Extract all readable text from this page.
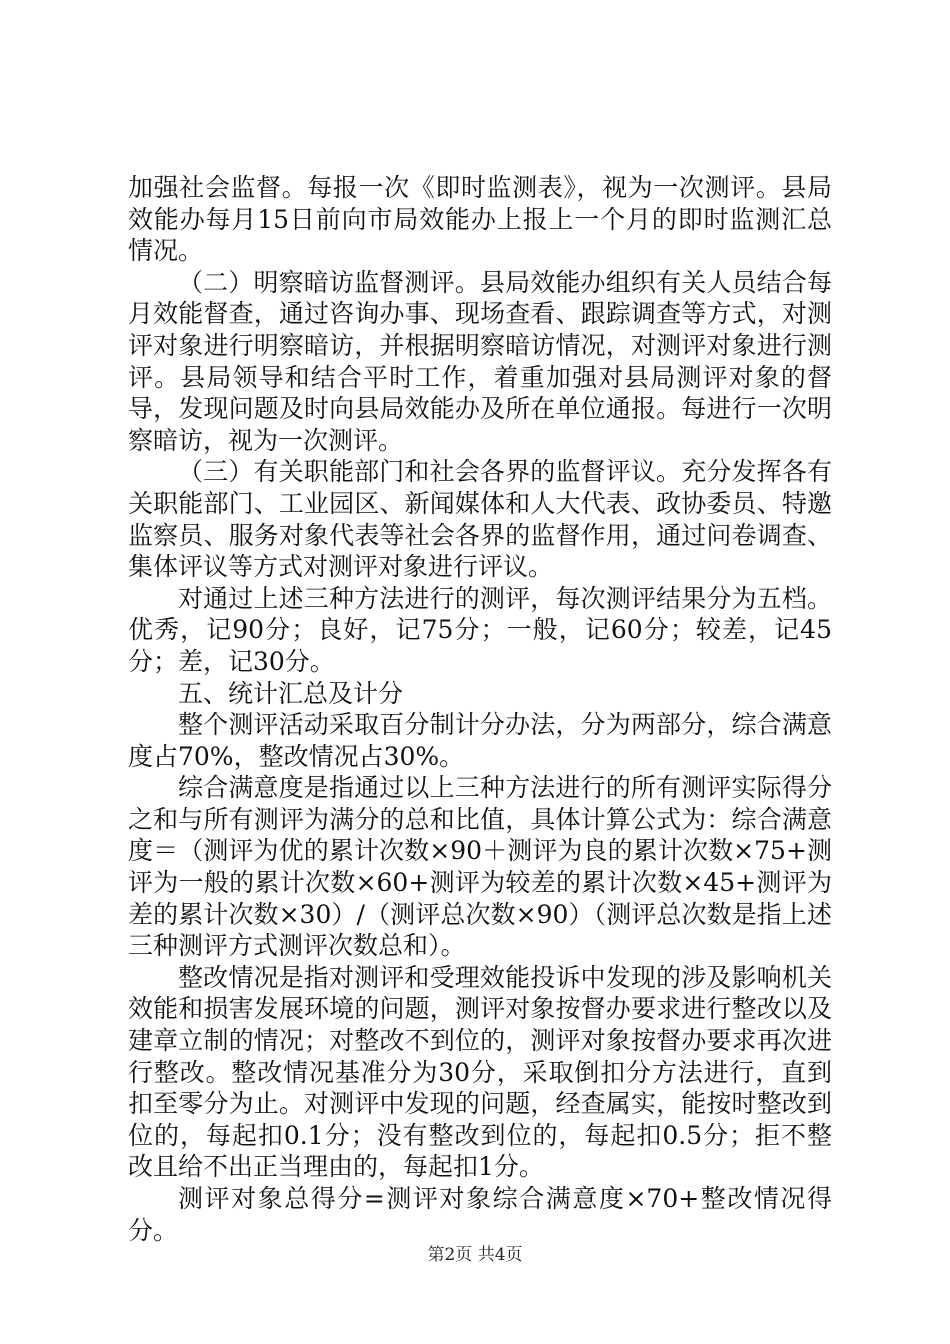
加强社会监督。每报一次《即时监测表》，视为一次测评。县局效能办每月15日前向市局效能办上报上一个月的即时监测汇总情况。

（二）明察暗访监督测评。县局效能办组织有关人员结合每月效能督查，通过咨询办事、现场查看、跟踪调查等方式，对测评对象进行明察暗访，并根据明察暗访情况，对测评对象进行测评。县局领导和结合平时工作，着重加强对县局测评对象的督导，发现问题及时向县局效能办及所在单位通报。每进行一次明察暗访，视为一次测评。

（三）有关职能部门和社会各界的监督评议。充分发挥各有关职能部门、工业园区、新闻媒体和人大代表、政协委员、特邀监察员、服务对象代表等社会各界的监督作用，通过问卷调查、集体评议等方式对测评对象进行评议。

对通过上述三种方法进行的测评，每次测评结果分为五档。优秀，记90分；良好，记75分；一般，记60分；较差，记45分；差，记30分。

五、统计汇总及计分

整个测评活动采取百分制计分办法，分为两部分，综合满意度占70%，整改情况占30%。

综合满意度是指通过以上三种方法进行的所有测评实际得分之和与所有测评为满分的总和比值，具体计算公式为：综合满意度＝（测评为优的累计次数×90＋测评为良的累计次数×75+测评为一般的累计次数×60+测评为较差的累计次数×45+测评为差的累计次数×30）/（测评总次数×90）（测评总次数是指上述三种测评方式测评次数总和）。

整改情况是指对测评和受理效能投诉中发现的涉及影响机关效能和损害发展环境的问题，测评对象按督办要求进行整改以及建章立制的情况；对整改不到位的，测评对象按督办要求再次进行整改。整改情况基准分为30分，采取倒扣分方法进行，直到扣至零分为止。对测评中发现的问题，经查属实，能按时整改到位的，每起扣0.1分；没有整改到位的，每起扣0.5分；拒不整改且给不出正当理由的，每起扣1分。

测评对象总得分=测评对象综合满意度×70+整改情况得分。

第2页 共4页
